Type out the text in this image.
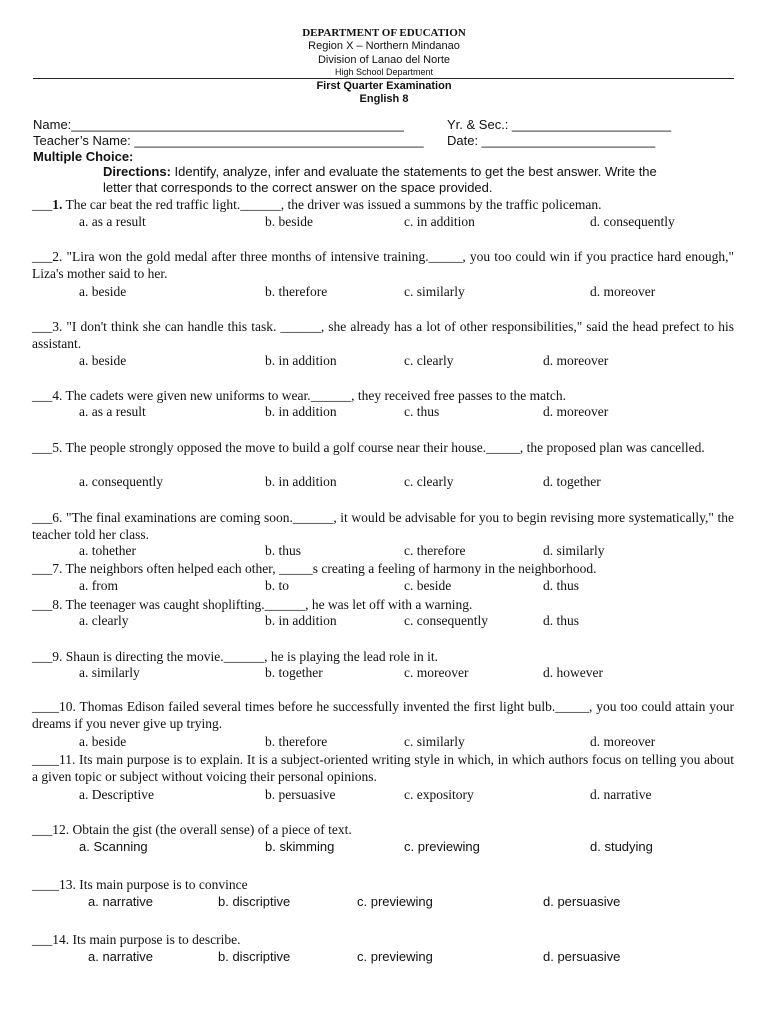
DEPARTMENT OF EDUCATION
Region X – Northern Mindanao
Division of Lanao del Norte
High School Department
First Quarter Examination
English 8
Name:______________________________________________	Yr. & Sec.: ______________________
Teacher’s Name: ________________________________________ Date: ________________________
Multiple Choice:
Directions: Identify, analyze, infer and evaluate the statements to get the best answer. Write the
letter that corresponds to the correct answer on the space provided.
___1. The car beat the red traffic light.______, the driver was issued a summons by the traffic policeman.
a. as a result	b. beside	c. in addition	d. consequently
___2. "Lira won the gold medal after three months of intensive training._____, you too could win if you practice hard enough," Liza's mother said to her.
a. beside	b. therefore	c. similarly	d. moreover
___3. "I don't think she can handle this task. ______, she already has a lot of other responsibilities," said the head prefect to his assistant.
a. beside	b. in addition	c. clearly	d. moreover
___4. The cadets were given new uniforms to wear.______, they received free passes to the match.
a. as a result	b. in addition	c. thus	d. moreover
___5. The people strongly opposed the move to build a golf course near their house._____, the proposed plan was cancelled.
a. consequently	b. in addition	c. clearly	d. together
___6. "The final examinations are coming soon.______, it would be advisable for you to begin revising more systematically," the teacher told her class.
a. tohether	b. thus	c. therefore	d. similarly
___7. The neighbors often helped each other, _____s creating a feeling of harmony in the neighborhood.
a. from	b. to	c. beside	d. thus
___8. The teenager was caught shoplifting.______, he was let off with a warning.
a. clearly	b. in addition	c. consequently	d. thus
___9. Shaun is directing the movie.______, he is playing the lead role in it.
a. similarly	b. together	c. moreover	d. however
____10. Thomas Edison failed several times before he successfully invented the first light bulb._____, you too could attain your dreams if you never give up trying.
a. beside	b. therefore	c. similarly	d. moreover
____11. Its main purpose is to explain. It is a subject-oriented writing style in which, in which authors focus on telling you about a given topic or subject without voicing their personal opinions.
a. Descriptive	b. persuasive	c. expository	d. narrative
___12. Obtain the gist (the overall sense) of a piece of text.
a. Scanning	b. skimming	c. previewing	d. studying
____13. Its main purpose is to convince
a. narrative	b. discriptive	c. previewing	d. persuasive
___14. Its main purpose is to describe.
a. narrative	b. discriptive	c. previewing	d. persuasive
